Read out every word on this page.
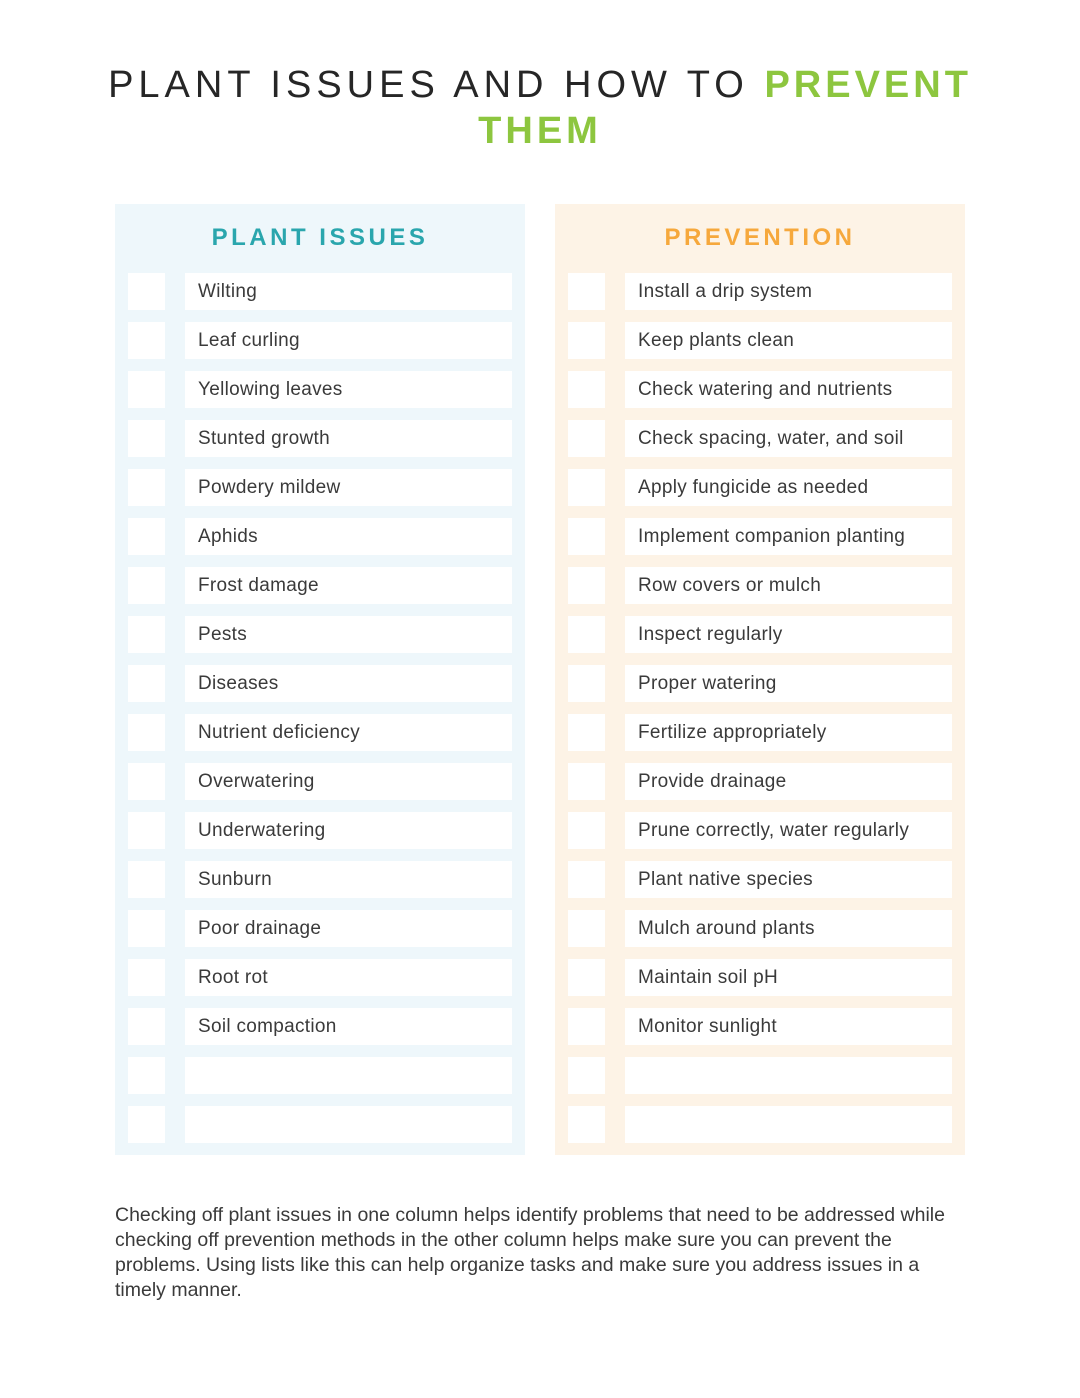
PLANT ISSUES AND HOW TO PREVENT
THEM
PLANT ISSUES
Wilting
Leaf curling
Yellowing leaves
Stunted growth
Powdery mildew
Aphids
Frost damage
Pests
Diseases
Nutrient deficiency
Overwatering
Underwatering
Sunburn
Poor drainage
Root rot
Soil compaction
PREVENTION
Install a drip system
Keep plants clean
Check watering and nutrients
Check spacing, water, and soil
Apply fungicide as needed
Implement companion planting
Row covers or mulch
Inspect regularly
Proper watering
Fertilize appropriately
Provide drainage
Prune correctly, water regularly
Plant native species
Mulch around plants
Maintain soil pH
Monitor sunlight

Checking off plant issues in one column helps identify problems that need to be addressed while checking off prevention methods in the other column helps make sure you can prevent the problems. Using lists like this can help organize tasks and make sure you address issues in a timely manner.
